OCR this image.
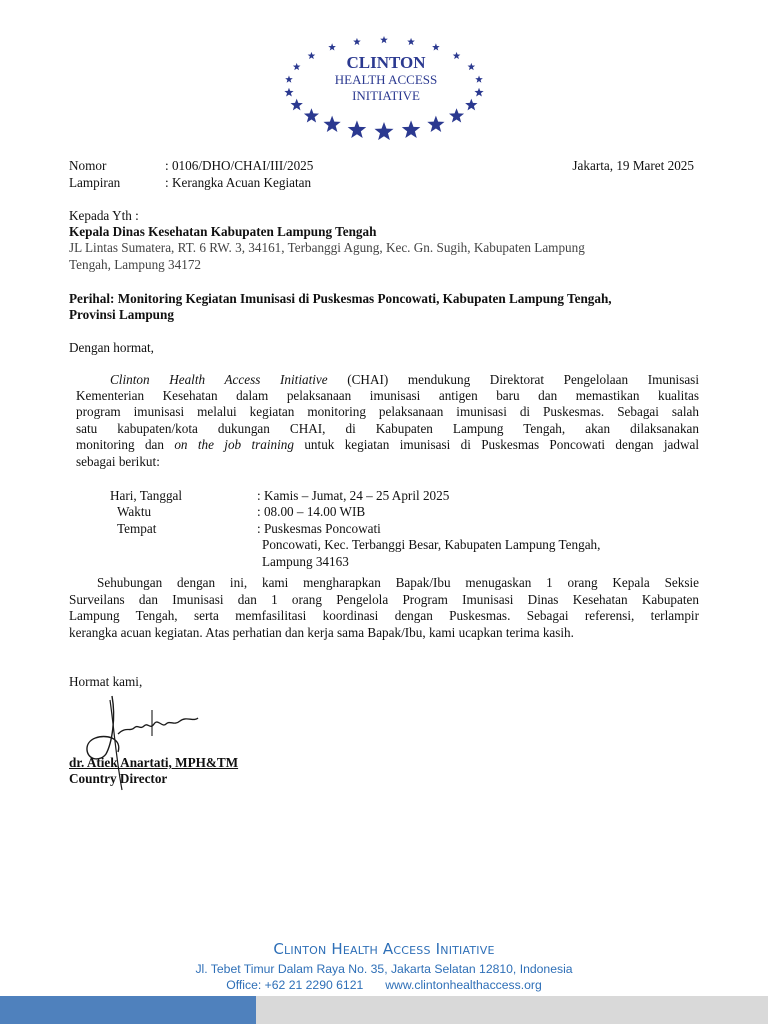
CLINTON
HEALTH ACCESS
INITIATIVE
Nomor	: 0106/DHO/CHAI/III/2025	Jakarta, 19 Maret 2025
Lampiran	: Kerangka Acuan Kegiatan
Kepada Yth :
Kepala Dinas Kesehatan Kabupaten Lampung Tengah
JL Lintas Sumatera, RT. 6 RW. 3, 34161, Terbanggi Agung, Kec. Gn. Sugih, Kabupaten Lampung
Tengah, Lampung 34172
Perihal: Monitoring Kegiatan Imunisasi di Puskesmas Poncowati, Kabupaten Lampung Tengah,
Provinsi Lampung
Dengan hormat,
Clinton Health Access Initiative (CHAI) mendukung Direktorat Pengelolaan Imunisasi
Kementerian Kesehatan dalam pelaksanaan imunisasi antigen baru dan memastikan kualitas
program imunisasi melalui kegiatan monitoring pelaksanaan imunisasi di Puskesmas. Sebagai salah
satu kabupaten/kota dukungan CHAI, di Kabupaten Lampung Tengah, akan dilaksanakan
monitoring dan on the job training untuk kegiatan imunisasi di Puskesmas Poncowati dengan jadwal
sebagai berikut:
Hari, Tanggal	: Kamis – Jumat, 24 – 25 April 2025
Waktu	: 08.00 – 14.00 WIB
Tempat	: Puskesmas Poncowati
Poncowati, Kec. Terbanggi Besar, Kabupaten Lampung Tengah,
Lampung 34163
Sehubungan dengan ini, kami mengharapkan Bapak/Ibu menugaskan 1 orang Kepala Seksie
Surveilans dan Imunisasi dan 1 orang Pengelola Program Imunisasi Dinas Kesehatan Kabupaten
Lampung Tengah, serta memfasilitasi koordinasi dengan Puskesmas. Sebagai referensi, terlampir
kerangka acuan kegiatan. Atas perhatian dan kerja sama Bapak/Ibu, kami ucapkan terima kasih.
Hormat kami,
dr. Atiek Anartati, MPH&TM
Country Director
Clinton Health Access Initiative
Jl. Tebet Timur Dalam Raya No. 35, Jakarta Selatan 12810, Indonesia
Office: +62 21 2290 6121 www.clintonhealthaccess.org
